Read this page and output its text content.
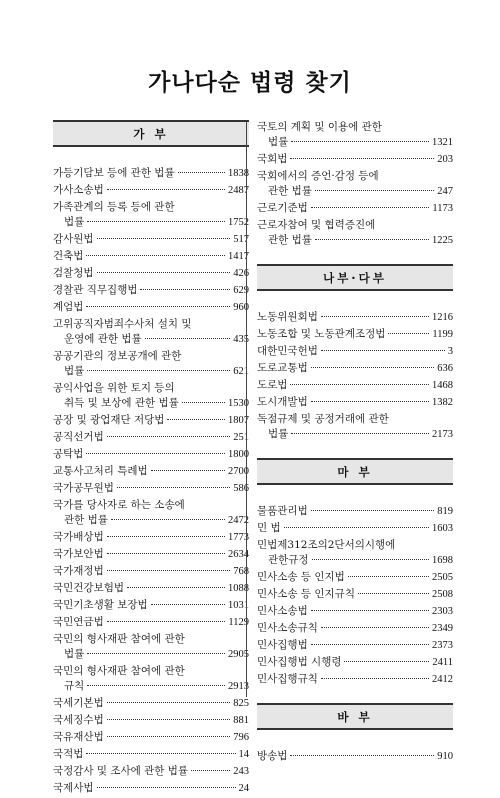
가나다순 법령 찾기
가 부
가등기담보 등에 관한 법률	1838
가사소송법	2487
가족관계의 등록 등에 관한
법률	1752
감사원법	517
건축법	1417
검찰청법	426
경찰관 직무집행법	629
계엄법	960
고위공직자범죄수사처 설치 및
운영에 관한 법률	435
공공기관의 정보공개에 관한
법률	621
공익사업을 위한 토지 등의
취득 및 보상에 관한 법률	1530
공장 및 광업재단 저당법	1807
공직선거법	251
공탁법	1800
교통사고처리 특례법	2700
국가공무원법	586
국가를 당사자로 하는 소송에
관한 법률	2472
국가배상법	1773
국가보안법	2634
국가재정법	768
국민건강보험법	1088
국민기초생활 보장법	1031
국민연금법	1129
국민의 형사재판 참여에 관한
법률	2905
국민의 형사재판 참여에 관한
규칙	2913
국세기본법	825
국세징수법	881
국유재산법	796
국적법	14
국정감사 및 조사에 관한 법률	243
국제사법	24
국토의 계획 및 이용에 관한
법률	1321
국회법	203
국회에서의 증언·감정 등에
관한 법률	247
근로기준법	1173
근로자참여 및 협력증진에
관한 법률	1225
나부·다부
노동위원회법	1216
노동조합 및 노동관계조정법	1199
대한민국헌법	3
도로교통법	636
도로법	1468
도시개발법	1382
독점규제 및 공정거래에 관한
법률	2173
마 부
물품관리법	819
민 법	1603
민법제312조의2단서의시행에
관한규정	1698
민사소송 등 인지법	2505
민사소송 등 인지규칙	2508
민사소송법	2303
민사소송규칙	2349
민사집행법	2373
민사집행법 시행령	2411
민사집행규칙	2412
바 부
방송법	910
